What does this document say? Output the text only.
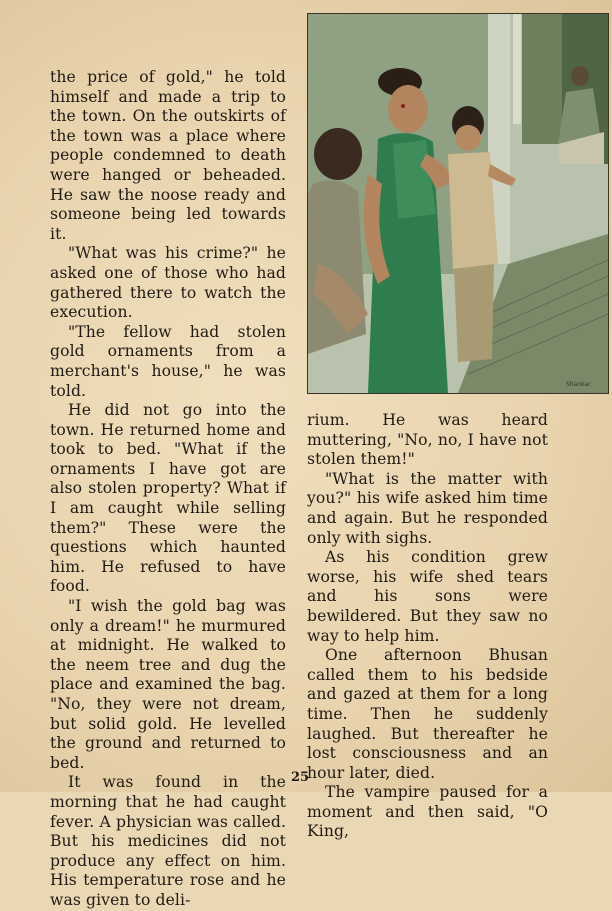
the price of gold," he told himself and made a trip to the town. On the outskirts of the town was a place where people condemned to death were hanged or beheaded. He saw the noose ready and someone being led towards it.

"What was his crime?" he asked one of those who had gathered there to watch the execution.

"The fellow had stolen gold ornaments from a merchant's house," he was told.

He did not go into the town. He returned home and took to bed. "What if the ornaments I have got are also stolen property? What if I am caught while selling them?" These were the questions which haunted him. He refused to have food.

"I wish the gold bag was only a dream!" he murmured at midnight. He walked to the neem tree and dug the place and examined the bag. "No, they were not dream, but solid gold. He levelled the ground and returned to bed.

It was found in the morning that he had caught fever. A physician was called. But his medicines did not produce any effect on him. His temperature rose and he was given to deli-

Shankar

rium. He was heard muttering, "No, no, I have not stolen them!"

"What is the matter with you?" his wife asked him time and again. But he responded only with sighs.

As his condition grew worse, his wife shed tears and his sons were bewildered. But they saw no way to help him.

One afternoon Bhusan called them to his bedside and gazed at them for a long time. Then he suddenly laughed. But thereafter he lost consciousness and an hour later, died.

The vampire paused for a moment and then said, "O King,

25
